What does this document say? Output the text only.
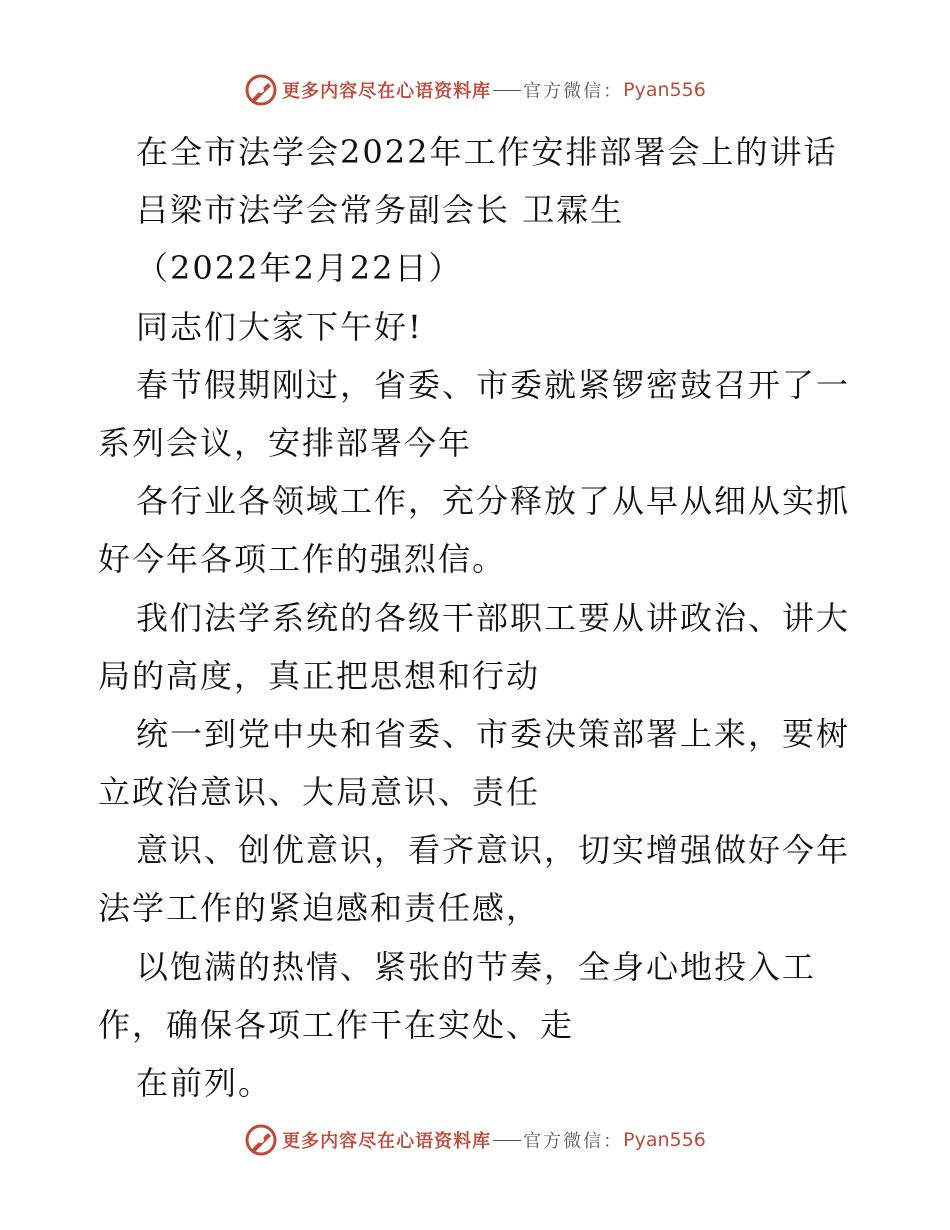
更多内容尽在心语资料库 官方微信： Pyan556
在全市法学会2022年工作安排部署会上的讲话
吕梁市法学会常务副会长 卫霖生
（2022年2月22日）
同志们大家下午好!
春节假期刚过，省委、市委就紧锣密鼓召开了一
系列会议，安排部署今年
各行业各领域工作，充分释放了从早从细从实抓
好今年各项工作的强烈信。
我们法学系统的各级干部职工要从讲政治、讲大
局的高度，真正把思想和行动
统一到党中央和省委、市委决策部署上来，要树
立政治意识、大局意识、责任
意识、创优意识，看齐意识，切实增强做好今年
法学工作的紧迫感和责任感，
以饱满的热情、紧张的节奏，全身心地投入工
作，确保各项工作干在实处、走
在前列。
更多内容尽在心语资料库 官方微信： Pyan556
